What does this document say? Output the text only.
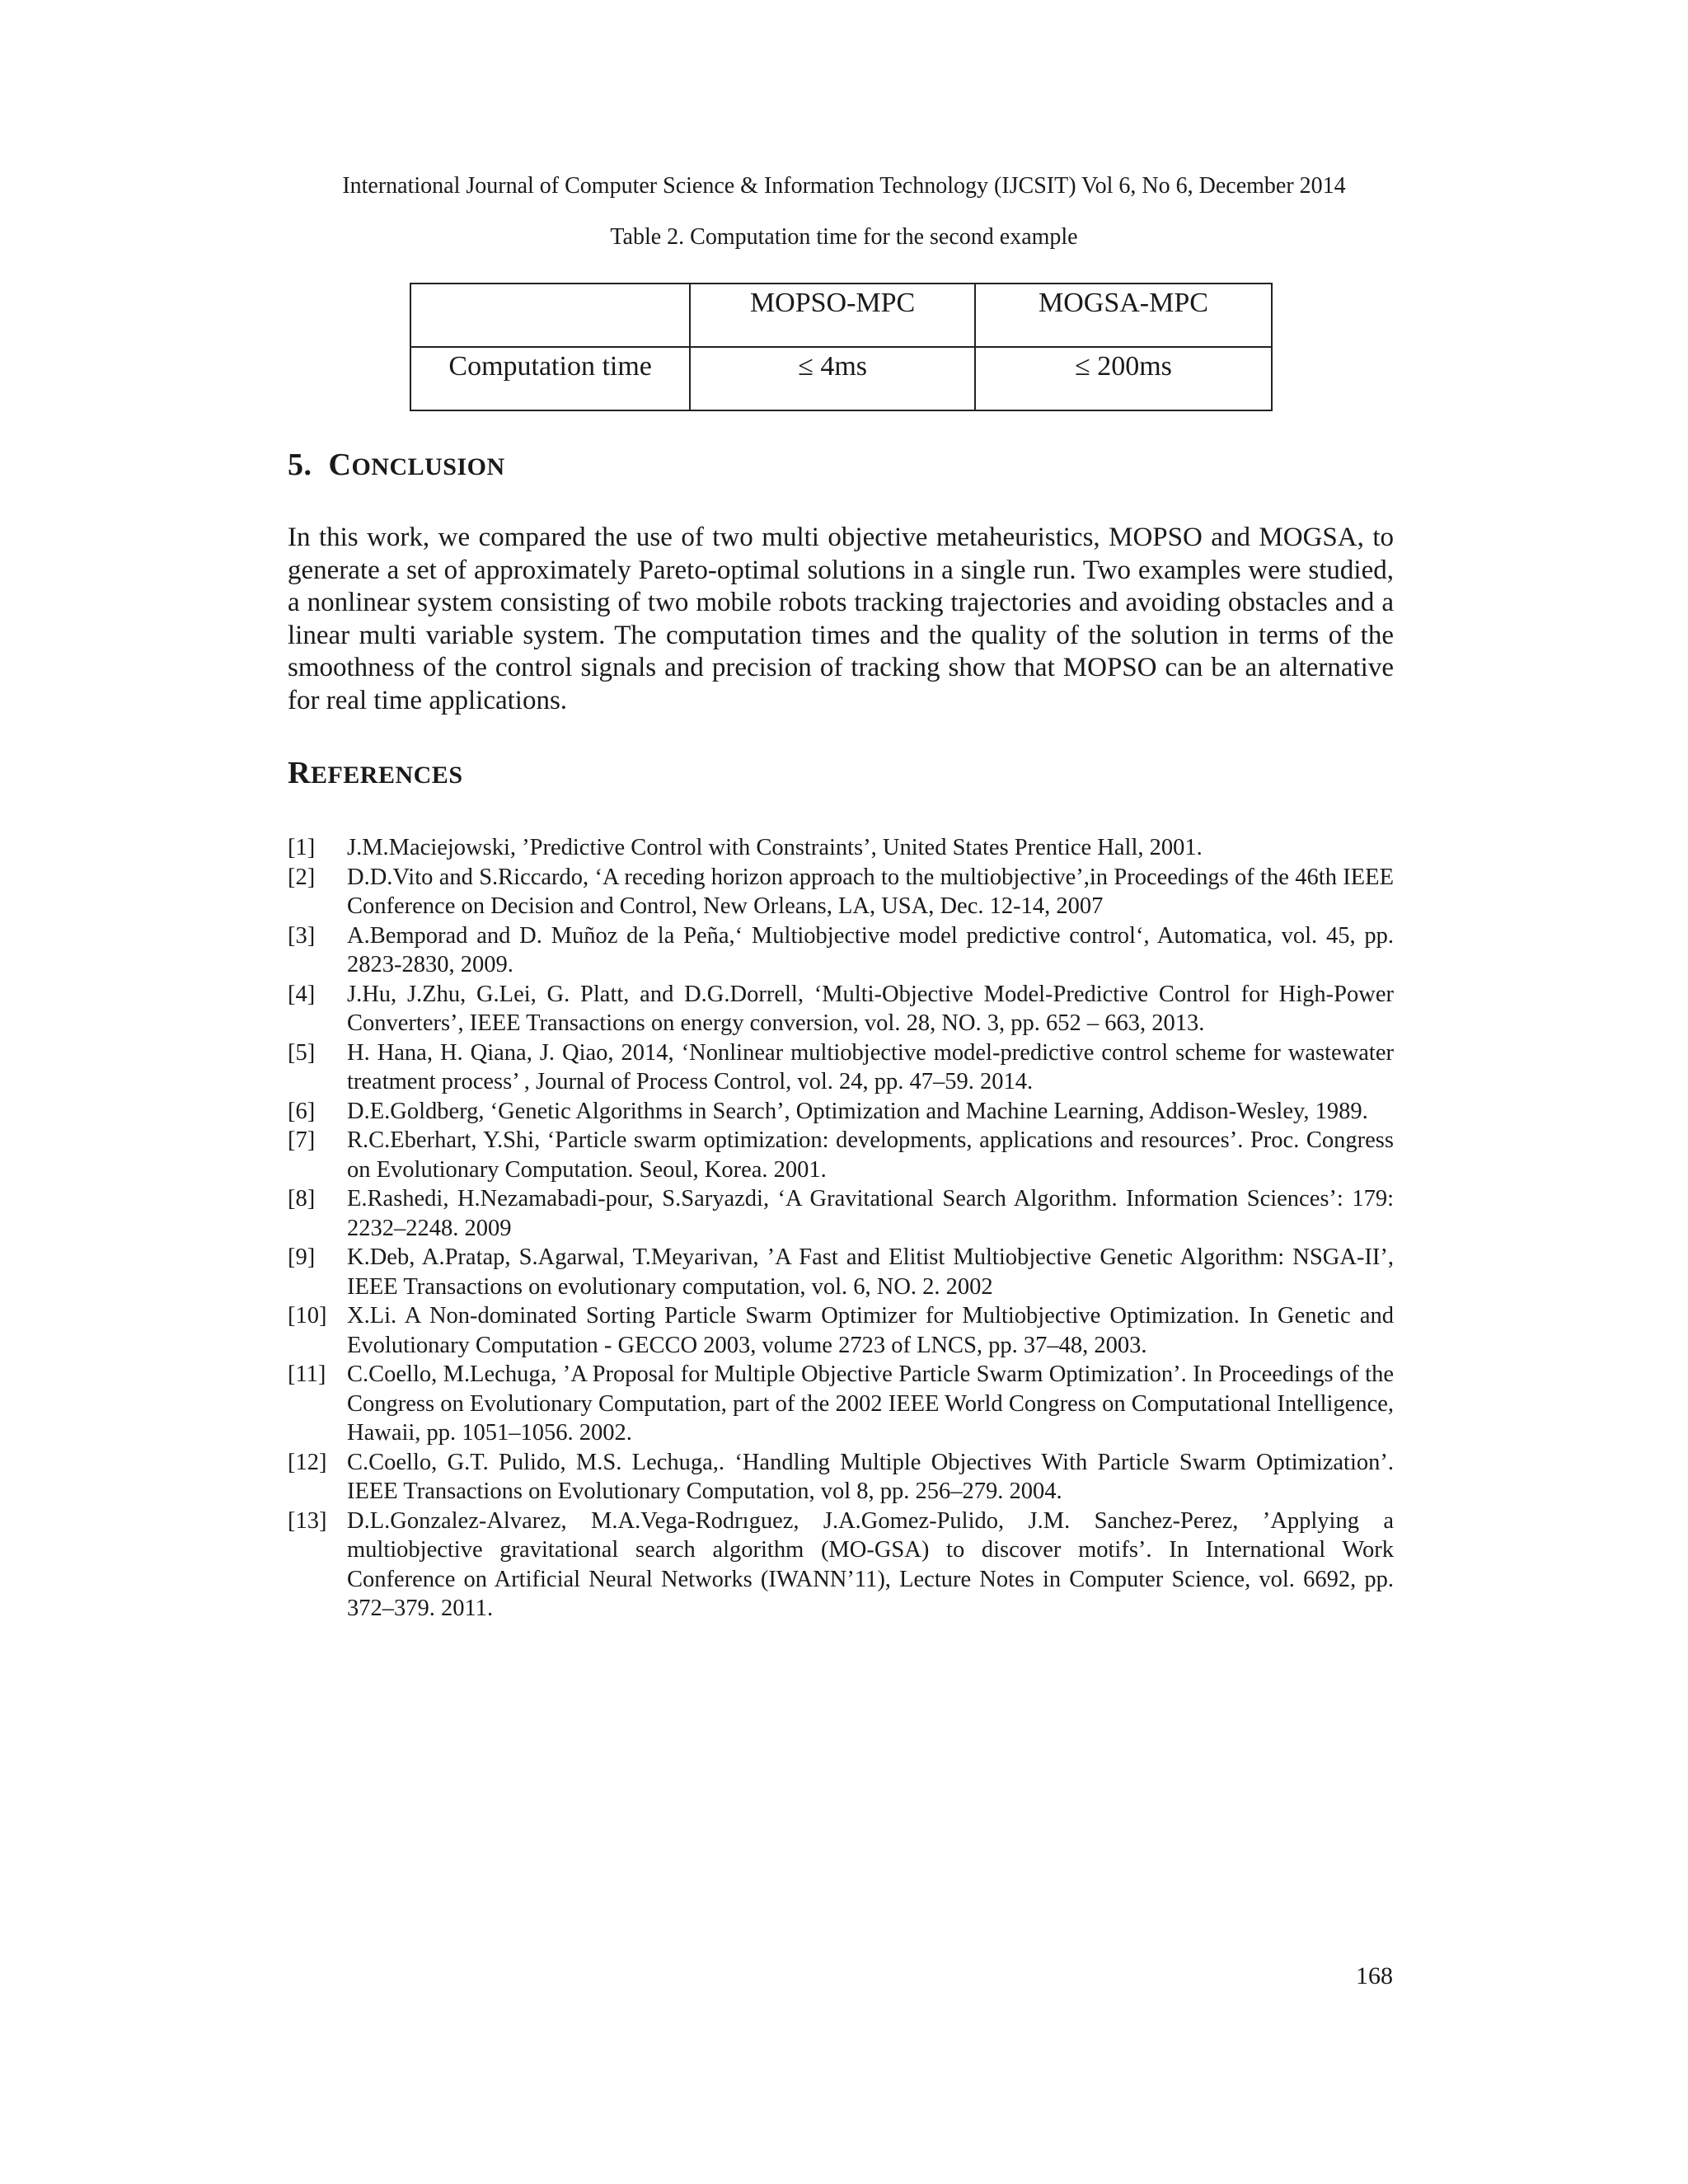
International Journal of Computer Science & Information Technology (IJCSIT) Vol 6, No 6, December 2014
Table 2. Computation time for the second example
	MOPSO-MPC	MOGSA-MPC
Computation time	≤ 4ms	≤ 200ms
5. CONCLUSION
In this work, we compared the use of two multi objective metaheuristics, MOPSO and MOGSA, to generate a set of approximately Pareto-optimal solutions in a single run. Two examples were studied, a nonlinear system consisting of two mobile robots tracking trajectories and avoiding obstacles and a linear multi variable system. The computation times and the quality of the solution in terms of the smoothness of the control signals and precision of tracking show that MOPSO can be an alternative for real time applications.
REFERENCES
[1] J.M.Maciejowski, ’Predictive Control with Constraints’, United States Prentice Hall, 2001.
[2] D.D.Vito and S.Riccardo, ‘A receding horizon approach to the multiobjective’,in Proceedings of the 46th IEEE Conference on Decision and Control, New Orleans, LA, USA, Dec. 12-14, 2007
[3] A.Bemporad and D. Muñoz de la Peña,‘ Multiobjective model predictive control‘, Automatica, vol. 45, pp. 2823-2830, 2009.
[4] J.Hu, J.Zhu, G.Lei, G. Platt, and D.G.Dorrell, ‘Multi-Objective Model-Predictive Control for High-Power Converters’, IEEE Transactions on energy conversion, vol. 28, NO. 3, pp. 652 – 663, 2013.
[5] H. Hana, H. Qiana, J. Qiao, 2014, ‘Nonlinear multiobjective model-predictive control scheme for wastewater treatment process’ , Journal of Process Control, vol. 24, pp. 47–59. 2014.
[6] D.E.Goldberg, ‘Genetic Algorithms in Search’, Optimization and Machine Learning, Addison-Wesley, 1989.
[7] R.C.Eberhart, Y.Shi, ‘Particle swarm optimization: developments, applications and resources’. Proc. Congress on Evolutionary Computation. Seoul, Korea. 2001.
[8] E.Rashedi, H.Nezamabadi-pour, S.Saryazdi, ‘A Gravitational Search Algorithm. Information Sciences’: 179: 2232–2248. 2009
[9] K.Deb, A.Pratap, S.Agarwal, T.Meyarivan, ’A Fast and Elitist Multiobjective Genetic Algorithm: NSGA-II’, IEEE Transactions on evolutionary computation, vol. 6, NO. 2. 2002
[10] X.Li. A Non-dominated Sorting Particle Swarm Optimizer for Multiobjective Optimization. In Genetic and Evolutionary Computation - GECCO 2003, volume 2723 of LNCS, pp. 37–48, 2003.
[11] C.Coello, M.Lechuga, ’A Proposal for Multiple Objective Particle Swarm Optimization’. In Proceedings of the Congress on Evolutionary Computation, part of the 2002 IEEE World Congress on Computational Intelligence, Hawaii, pp. 1051–1056. 2002.
[12] C.Coello, G.T. Pulido, M.S. Lechuga,. ‘Handling Multiple Objectives With Particle Swarm Optimization’. IEEE Transactions on Evolutionary Computation, vol 8, pp. 256–279. 2004.
[13] D.L.Gonzalez-Alvarez, M.A.Vega-Rodrıguez, J.A.Gomez-Pulido, J.M. Sanchez-Perez, ’Applying a multiobjective gravitational search algorithm (MO-GSA) to discover motifs’. In International Work Conference on Artificial Neural Networks (IWANN’11), Lecture Notes in Computer Science, vol. 6692, pp. 372–379. 2011.
168
